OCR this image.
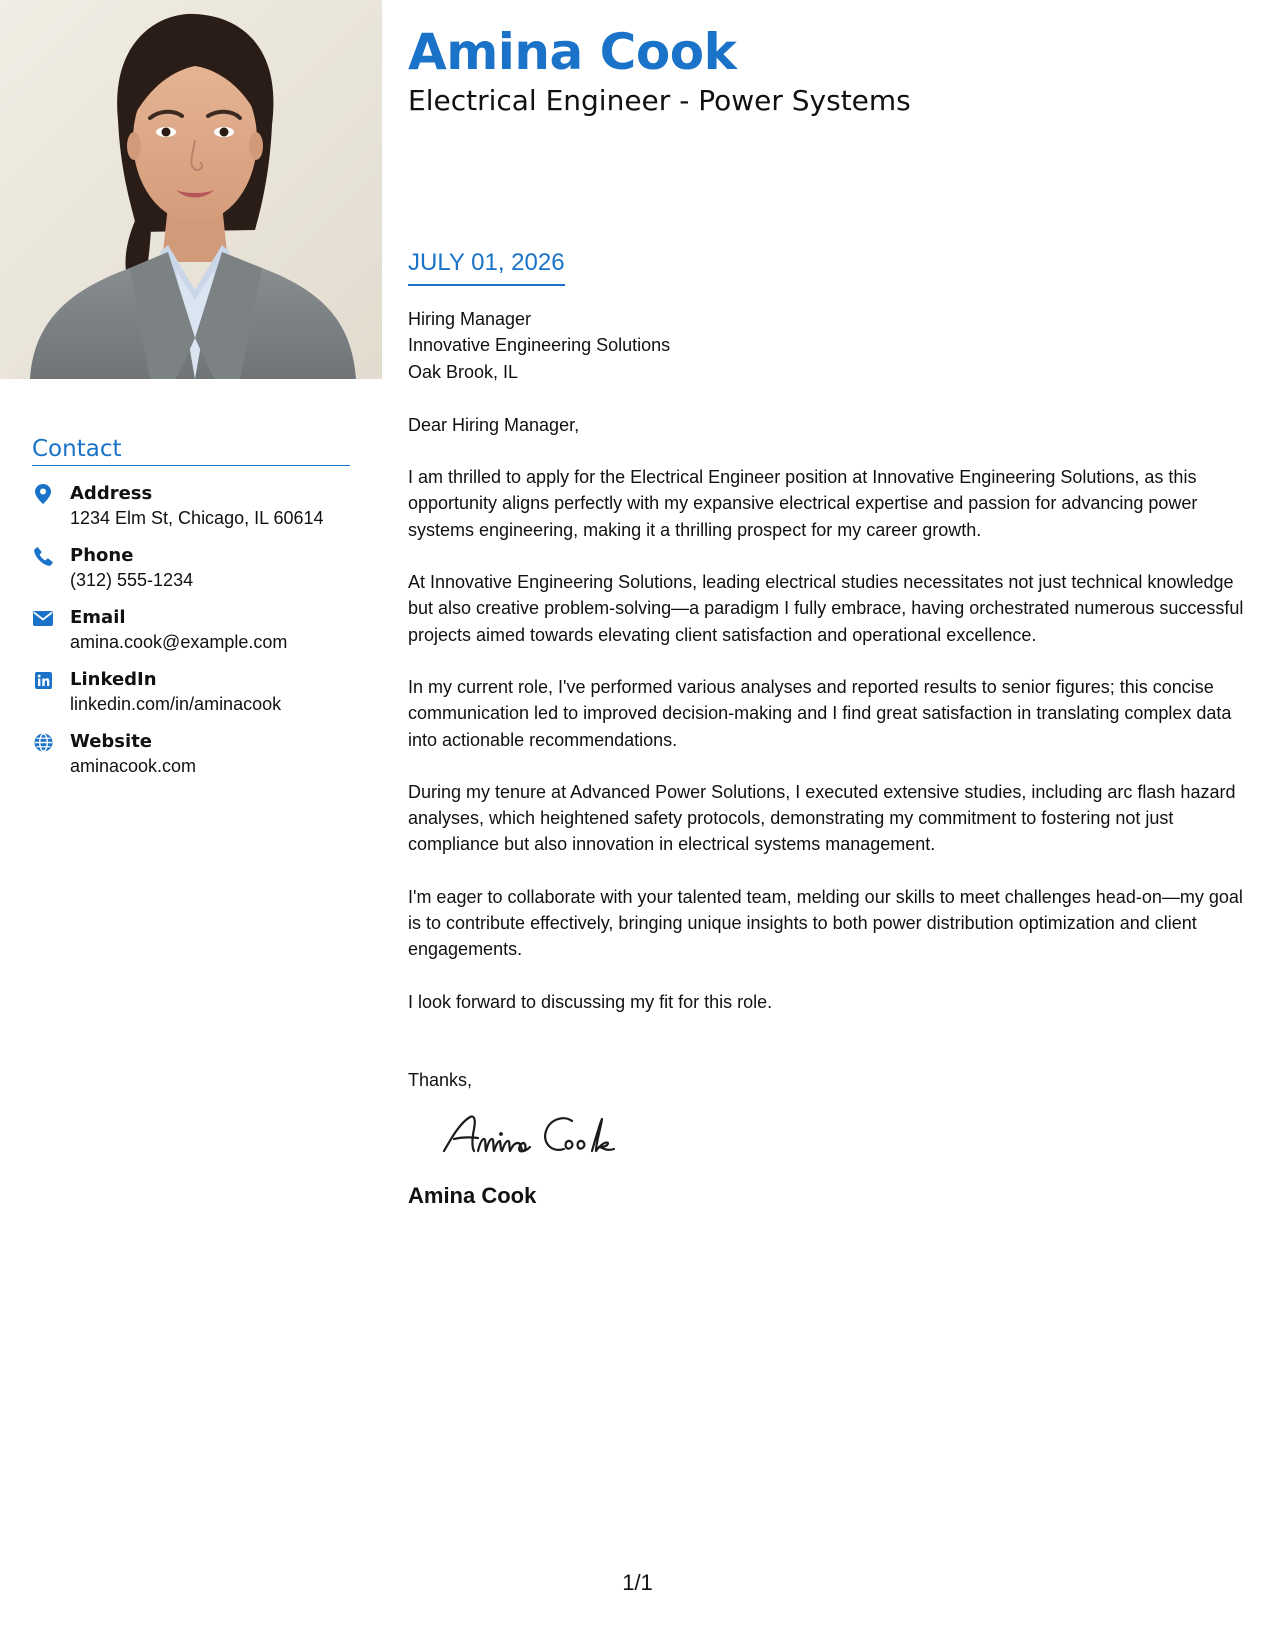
Contact
Address
1234 Elm St, Chicago, IL 60614
Phone
(312) 555-1234
Email
amina.cook@example.com
LinkedIn
linkedin.com/in/aminacook
Website
aminacook.com
Amina Cook
Electrical Engineer - Power Systems
JULY 01, 2026
Hiring Manager
Innovative Engineering Solutions
Oak Brook, IL
Dear Hiring Manager,
I am thrilled to apply for the Electrical Engineer position at Innovative Engineering Solutions, as this opportunity aligns perfectly with my expansive electrical expertise and passion for advancing power systems engineering, making it a thrilling prospect for my career growth.
At Innovative Engineering Solutions, leading electrical studies necessitates not just technical knowledge but also creative problem-solving—a paradigm I fully embrace, having orchestrated numerous successful projects aimed towards elevating client satisfaction and operational excellence.
In my current role, I've performed various analyses and reported results to senior figures; this concise communication led to improved decision-making and I find great satisfaction in translating complex data into actionable recommendations.
During my tenure at Advanced Power Solutions, I executed extensive studies, including arc flash hazard analyses, which heightened safety protocols, demonstrating my commitment to fostering not just compliance but also innovation in electrical systems management.
I'm eager to collaborate with your talented team, melding our skills to meet challenges head-on—my goal is to contribute effectively, bringing unique insights to both power distribution optimization and client engagements.
I look forward to discussing my fit for this role.
Thanks,
Amina Cook
1/1
